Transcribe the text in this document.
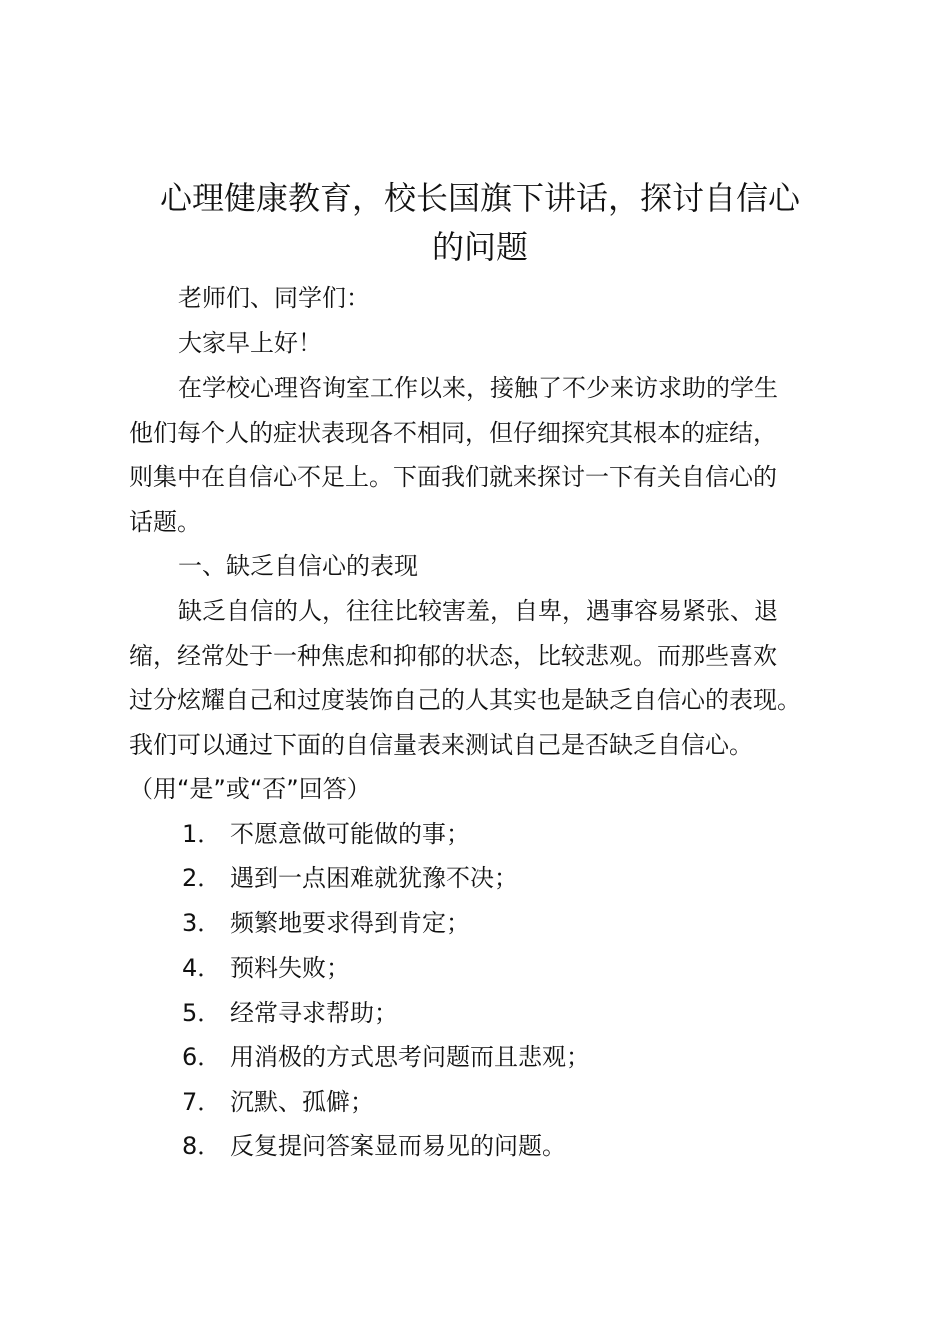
心理健康教育，校长国旗下讲话，探讨自信心
的问题

老师们、同学们：

大家早上好！

在学校心理咨询室工作以来，接触了不少来访求助的学生

他们每个人的症状表现各不相同，但仔细探究其根本的症结，

则集中在自信心不足上。下面我们就来探讨一下有关自信心的

话题。

一、缺乏自信心的表现

缺乏自信的人，往往比较害羞，自卑，遇事容易紧张、退

缩，经常处于一种焦虑和抑郁的状态，比较悲观。而那些喜欢

过分炫耀自己和过度装饰自己的人其实也是缺乏自信心的表现。

我们可以通过下面的自信量表来测试自己是否缺乏自信心。

（用“是”或“否”回答）

1． 不愿意做可能做的事；
2． 遇到一点困难就犹豫不决；
3． 频繁地要求得到肯定；
4． 预料失败；
5． 经常寻求帮助；
6． 用消极的方式思考问题而且悲观；
7． 沉默、孤僻；
8． 反复提问答案显而易见的问题。
